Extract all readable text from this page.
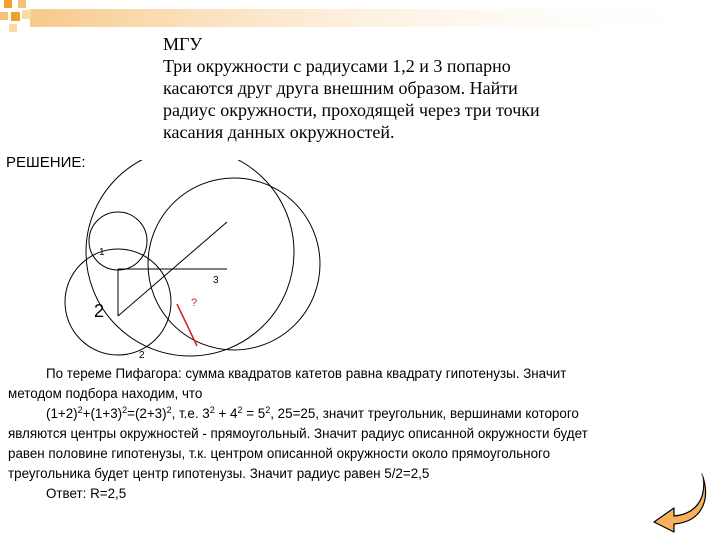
МГУ
Три окружности с радиусами 1,2 и 3 попарно
касаются друг друга внешним образом. Найти
радиус окружности, проходящей через три точки
касания данных окружностей.
РЕШЕНИЕ:
1
3
2	?
2
По тереме Пифагора: сумма квадратов катетов равна квадрату гипотенузы. Значит
методом подбора находим, что
$(1+2)^2+(1+3)^2=(2+3)^2$, т.е. $3^2 + 4^2 = 5^2$, 25=25, значит треугольник, вершинами которого
являются центры окружностей - прямоугольный. Значит радиус описанной окружности будет
равен половине гипотенузы, т.к. центром описанной окружности около прямоугольного
треугольника будет центр гипотенузы. Значит радиус равен 5/2=2,5
Ответ: R=2,5
